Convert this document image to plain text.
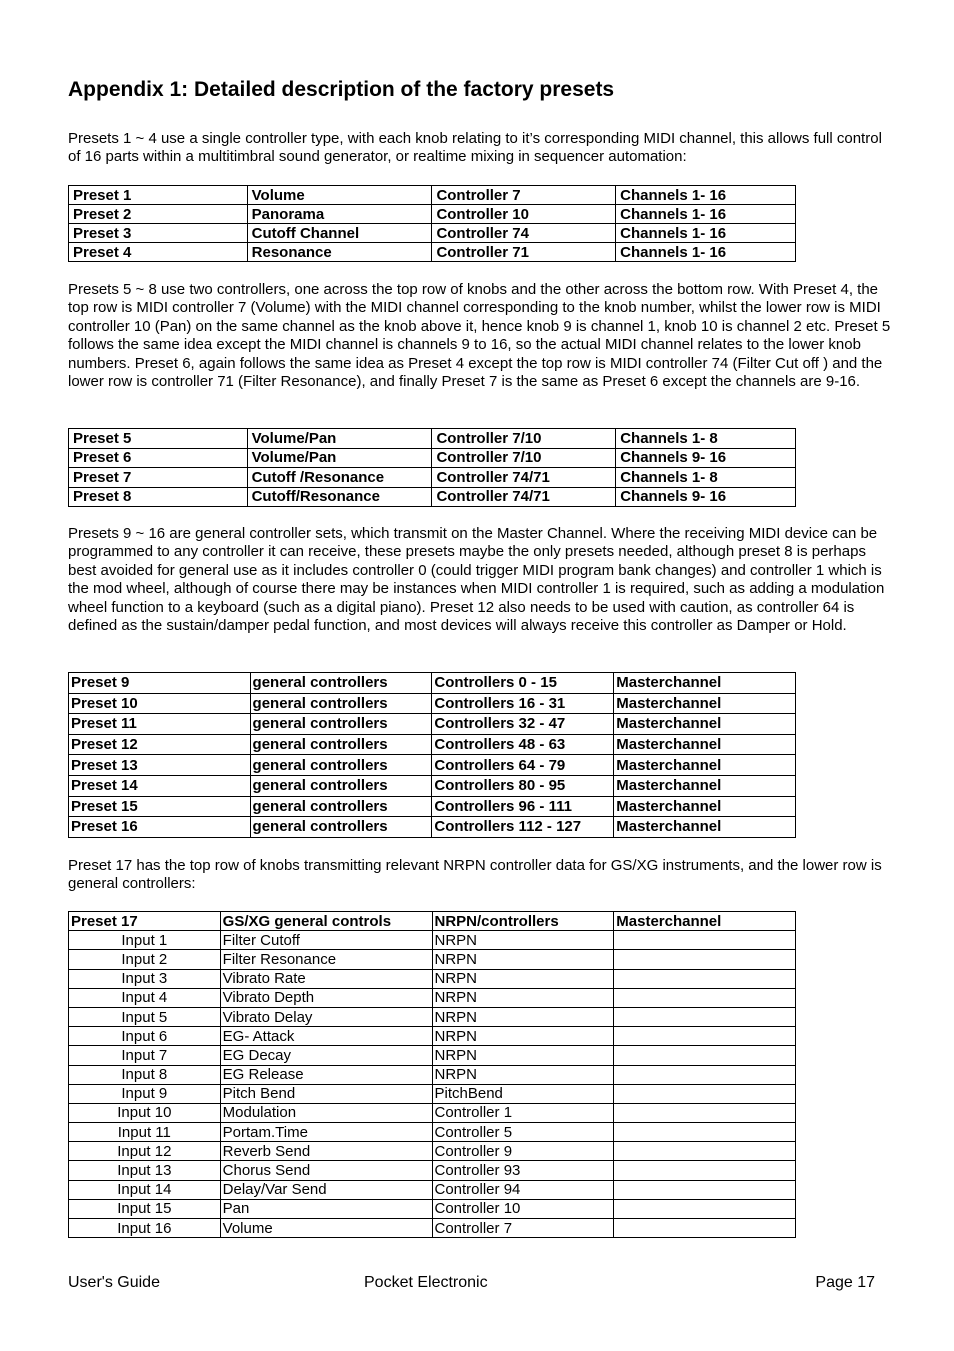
Appendix 1: Detailed description of the factory presets

Presets 1 ~ 4 use a single controller type, with each knob relating to it’s corresponding MIDI channel, this allows full control of 16 parts within a multitimbral sound generator, or realtime mixing in sequencer automation:

Preset 1	Volume	Controller 7	Channels 1- 16
Preset 2	Panorama	Controller 10	Channels 1- 16
Preset 3	Cutoff Channel	Controller 74	Channels 1- 16
Preset 4	Resonance	Controller 71	Channels 1- 16

Presets 5 ~ 8 use two controllers, one across the top row of knobs and the other across the bottom row. With Preset 4, the top row is MIDI controller 7 (Volume) with the MIDI channel corresponding to the knob number, whilst the lower row is MIDI controller 10 (Pan) on the same channel as the knob above it, hence knob 9 is channel 1, knob 10 is channel 2 etc. Preset 5 follows the same idea except the MIDI channel is channels 9 to 16, so the actual MIDI channel relates to the lower knob numbers. Preset 6, again follows the same idea as Preset 4 except the top row is MIDI controller 74 (Filter Cut off ) and the lower row is controller 71 (Filter Resonance), and finally Preset 7 is the same as Preset 6 except the channels are 9-16.

Preset 5	Volume/Pan	Controller 7/10	Channels 1- 8
Preset 6	Volume/Pan	Controller 7/10	Channels 9- 16
Preset 7	Cutoff /Resonance	Controller 74/71	Channels 1- 8
Preset 8	Cutoff/Resonance	Controller 74/71	Channels 9- 16

Presets 9 ~ 16 are general controller sets, which transmit on the Master Channel. Where the receiving MIDI device can be programmed to any controller it can receive, these presets maybe the only presets needed, although preset 8 is perhaps best avoided for general use as it includes controller 0 (could trigger MIDI program bank changes) and controller 1 which is the mod wheel, although of course there may be instances when MIDI controller 1 is required, such as adding a modulation wheel function to a keyboard (such as a digital piano). Preset 12 also needs to be used with caution, as controller 64 is defined as the sustain/damper pedal function, and most devices will always receive this controller as Damper or Hold.

Preset 9	general controllers	Controllers 0 - 15	Masterchannel
Preset 10	general controllers	Controllers 16 - 31	Masterchannel
Preset 11	general controllers	Controllers 32 - 47	Masterchannel
Preset 12	general controllers	Controllers 48 - 63	Masterchannel
Preset 13	general controllers	Controllers 64 - 79	Masterchannel
Preset 14	general controllers	Controllers 80 - 95	Masterchannel
Preset 15	general controllers	Controllers 96 - 111	Masterchannel
Preset 16	general controllers	Controllers 112 - 127	Masterchannel

Preset 17 has the top row of knobs transmitting relevant NRPN controller data for GS/XG instruments, and the lower row is general controllers:

Preset 17	GS/XG general controls	NRPN/controllers	Masterchannel
Input 1	Filter Cutoff	NRPN	
Input 2	Filter Resonance	NRPN	
Input 3	Vibrato Rate	NRPN	
Input 4	Vibrato Depth	NRPN	
Input 5	Vibrato Delay	NRPN	
Input 6	EG- Attack	NRPN	
Input 7	EG Decay	NRPN	
Input 8	EG Release	NRPN	
Input 9	Pitch Bend	PitchBend	
Input 10	Modulation	Controller 1	
Input 11	Portam.Time	Controller 5	
Input 12	Reverb Send	Controller 9	
Input 13	Chorus Send	Controller 93	
Input 14	Delay/Var Send	Controller 94	
Input 15	Pan	Controller 10	
Input 16	Volume	Controller 7	
User's Guide	Pocket Electronic	Page 17
